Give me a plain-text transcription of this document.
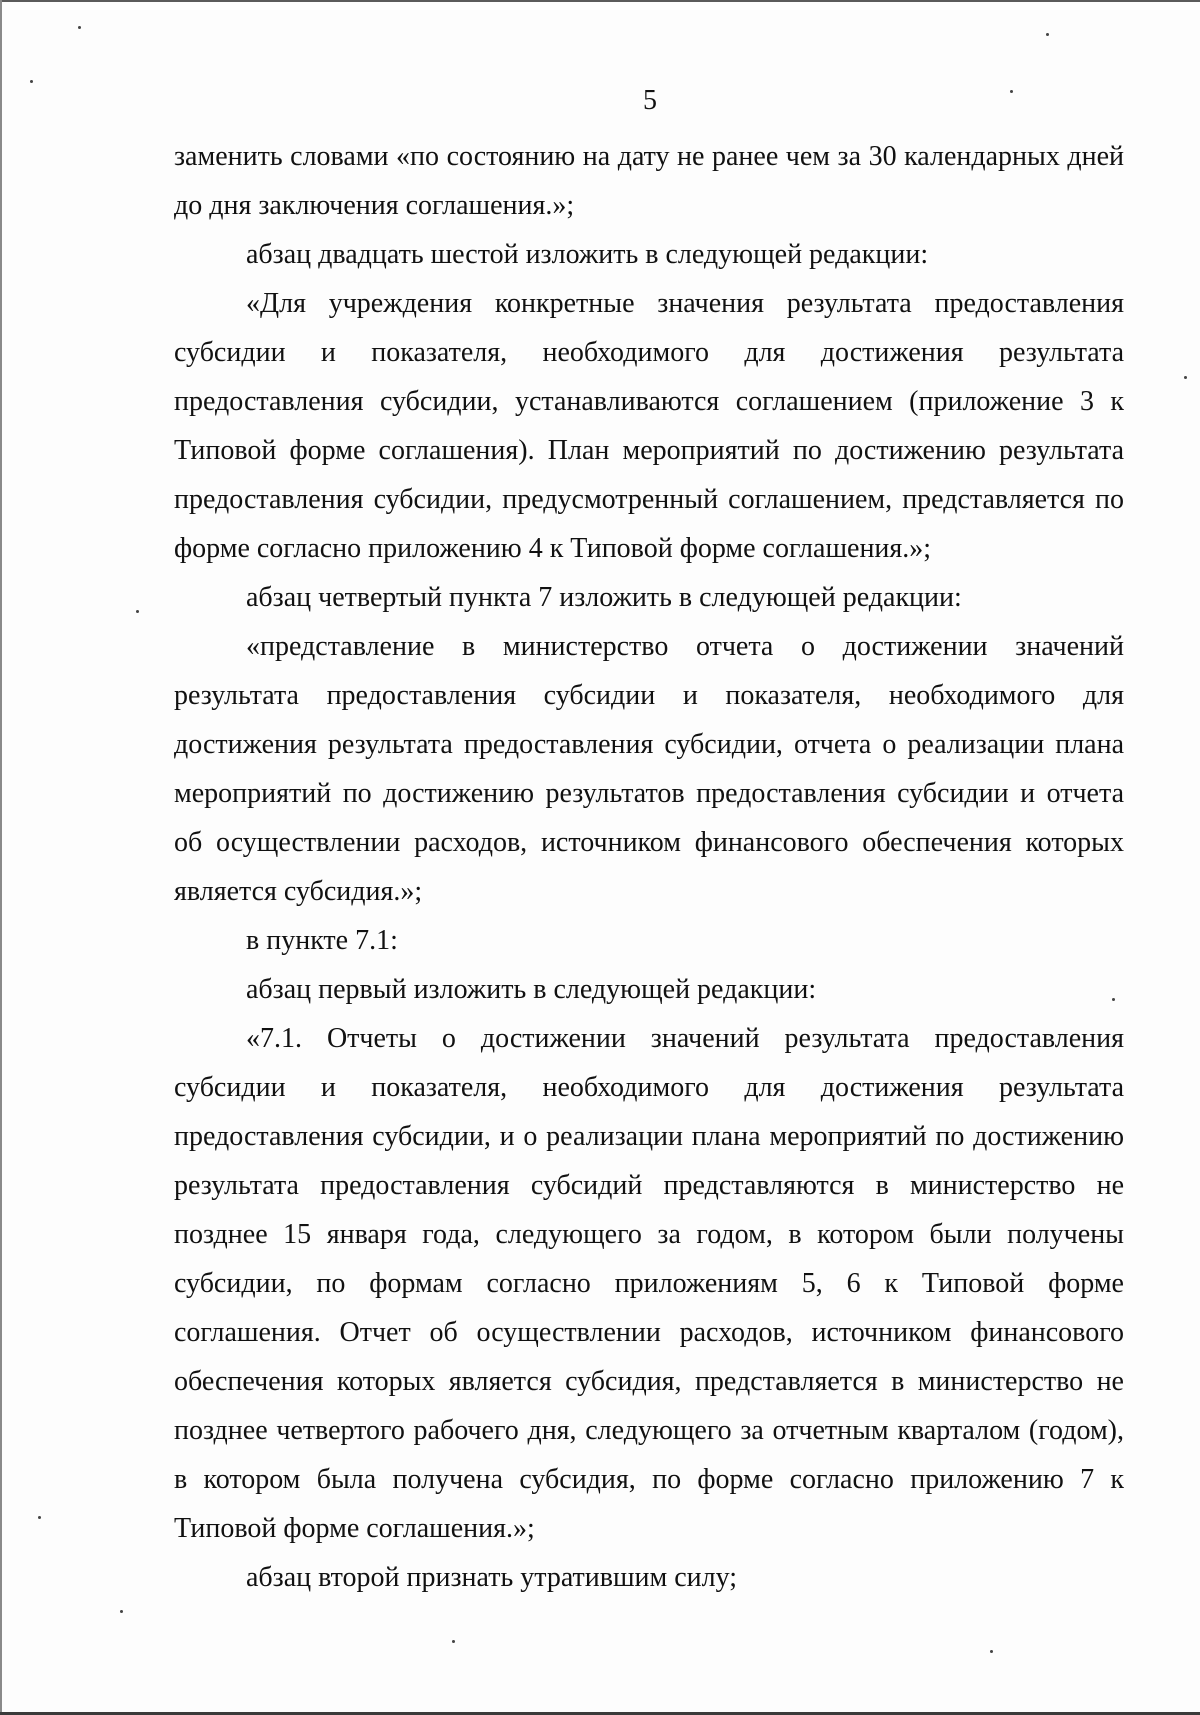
5

заменить словами «по состоянию на дату не ранее чем за 30 календарных дней до дня заключения соглашения.»;

абзац двадцать шестой изложить в следующей редакции:

«Для учреждения конкретные значения результата предоставления субсидии и показателя, необходимого для достижения результата предоставления субсидии, устанавливаются соглашением (приложение 3 к Типовой форме соглашения). План мероприятий по достижению результата предоставления субсидии, предусмотренный соглашением, представляется по форме согласно приложению 4 к Типовой форме соглашения.»;

абзац четвертый пункта 7 изложить в следующей редакции:

«представление в министерство отчета о достижении значений результата предоставления субсидии и показателя, необходимого для достижения результата предоставления субсидии, отчета о реализации плана мероприятий по достижению результатов предоставления субсидии и отчета об осуществлении расходов, источником финансового обеспечения которых является субсидия.»;

в пункте 7.1:

абзац первый изложить в следующей редакции:

«7.1. Отчеты о достижении значений результата предоставления субсидии и показателя, необходимого для достижения результата предоставления субсидии, и о реализации плана мероприятий по достижению результата предоставления субсидий представляются в министерство не позднее 15 января года, следующего за годом, в котором были получены субсидии, по формам согласно приложениям 5, 6 к Типовой форме соглашения. Отчет об осуществлении расходов, источником финансового обеспечения которых является субсидия, представляется в министерство не позднее четвертого рабочего дня, следующего за отчетным кварталом (годом), в котором была получена субсидия, по форме согласно приложению 7 к Типовой форме соглашения.»;

абзац второй признать утратившим силу;
